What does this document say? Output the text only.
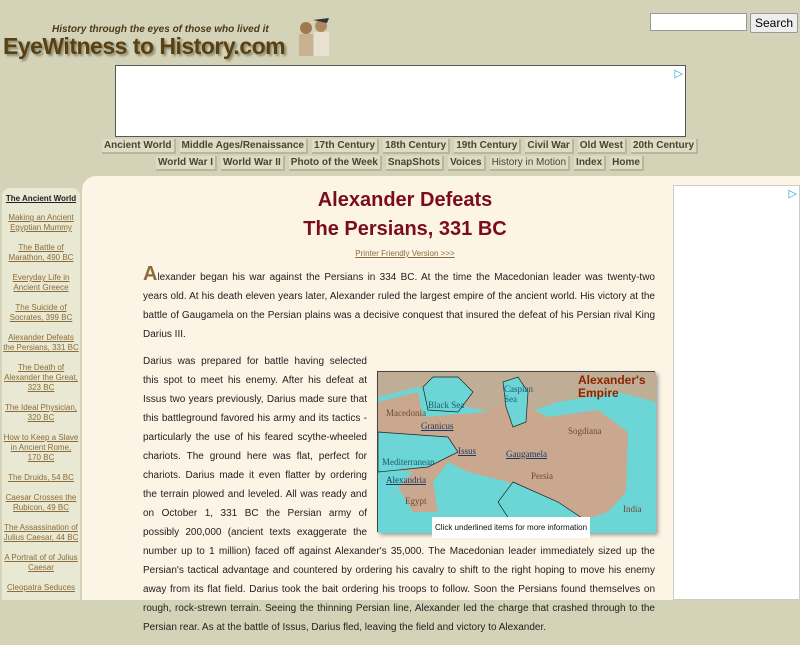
History through the eyes of those who lived it
EyeWitness to History.com
Search
▷
Ancient World	Middle Ages/Renaissance	17th Century	18th Century	19th Century	Civil War	Old West	20th Century
World War I	World War II	Photo of the Week	SnapShots	Voices	History in Motion	Index	Home
The Ancient World
Making an Ancient Egyptian Mummy
The Battle of Marathon, 490 BC
Everyday Life in Ancient Greece
The Suicide of Socrates, 399 BC
Alexander Defeats the Persians, 331 BC
The Death of Alexander the Great, 323 BC
The Ideal Physician, 320 BC
How to Keep a Slave in Ancient Rome, 170 BC
The Druids, 54 BC
Caesar Crosses the Rubicon, 49 BC
The Assassination of Julius Caesar, 44 BC
A Portrait of of Julius Caesar
Cleopatra Seduces
▷
Alexander Defeats
The Persians, 331 BC
Printer Friendly Version >>>

Alexander began his war against the Persians in 334 BC. At the time the Macedonian leader was twenty-two years old. At his death eleven years later, Alexander ruled the largest empire of the ancient world. His victory at the battle of Gaugamela on the Persian plains was a decisive conquest that insured the defeat of his Persian rival King Darius III.

Black Sea
Caspian Sea
Macedonia
Granicus
Issus	Gaugamela
Mediterranean
Alexandria
Egypt
Persia
Sogdiana
India
Alexander's Empire
Click underlined items for more information
Darius was prepared for battle having selected this spot to meet his enemy. After his defeat at Issus two years previously, Darius made sure that this battleground favored his army and its tactics - particularly the use of his feared scythe-wheeled chariots. The ground here was flat, perfect for chariots. Darius made it even flatter by ordering the terrain plowed and leveled. All was ready and on October 1, 331 BC the Persian army of possibly 200,000 (ancient texts exaggerate the number up to 1 million) faced off against Alexander's 35,000. The Macedonian leader immediately sized up the Persian's tactical advantage and countered by ordering his cavalry to shift to the right hoping to move his enemy away from its flat field. Darius took the bait ordering his troops to follow. Soon the Persians found themselves on rough, rock-strewn terrain. Seeing the thinning Persian line, Alexander led the charge that crashed through to the Persian rear. As at the battle of Issus, Darius fled, leaving the field and victory to Alexander.
